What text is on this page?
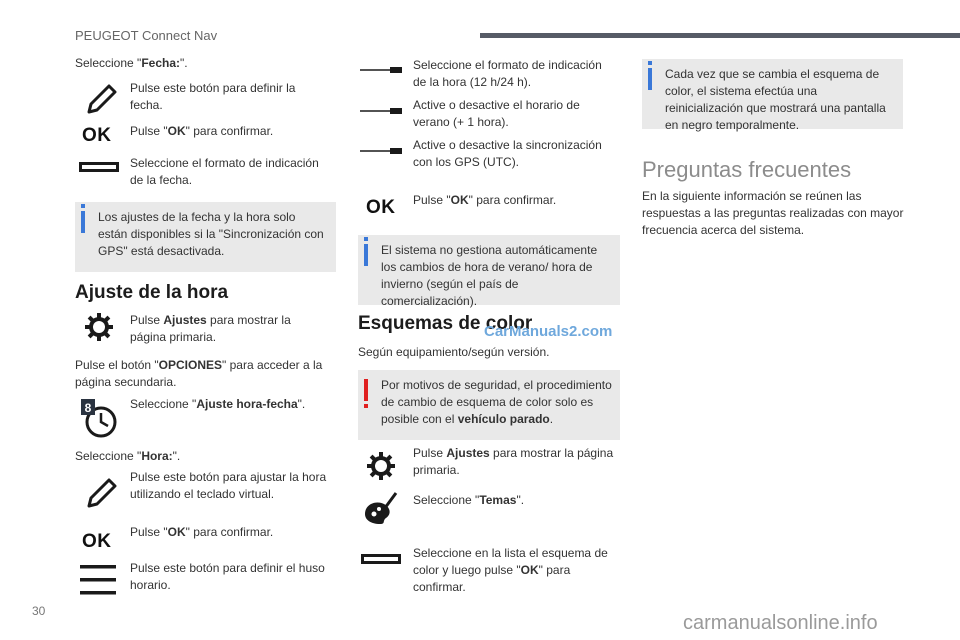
PEUGEOT Connect Nav
Seleccione "Fecha:".
Pulse este botón para definir la fecha.
OK Pulse "OK" para confirmar.
Seleccione el formato de indicación de la fecha.
Los ajustes de la fecha y la hora solo están disponibles si la "Sincronización con GPS" está desactivada.
Ajuste de la hora
Pulse Ajustes para mostrar la página primaria.
Pulse el botón "OPCIONES" para acceder a la página secundaria.
8	Seleccione "Ajuste hora-fecha".
Seleccione "Hora:".
Pulse este botón para ajustar la hora utilizando el teclado virtual.
OK Pulse "OK" para confirmar.
Pulse este botón para definir el huso horario.
Seleccione el formato de indicación de la hora (12 h/24 h).
Active o desactive el horario de verano (+ 1 hora).
Active o desactive la sincronización con los GPS (UTC).
OK Pulse "OK" para confirmar.
El sistema no gestiona automáticamente los cambios de hora de verano/ hora de invierno (según el país de comercialización).
Esquemas de color
CarManuals2.com
Según equipamiento/según versión.
Por motivos de seguridad, el procedimiento de cambio de esquema de color solo es posible con el vehículo parado.
Pulse Ajustes para mostrar la página primaria.
Seleccione "Temas".
Seleccione en la lista el esquema de color y luego pulse "OK" para confirmar.
Cada vez que se cambia el esquema de color, el sistema efectúa una reinicialización que mostrará una pantalla en negro temporalmente.
Preguntas frecuentes
En la siguiente información se reúnen las respuestas a las preguntas realizadas con mayor frecuencia acerca del sistema.
30
carmanualsonline.info
